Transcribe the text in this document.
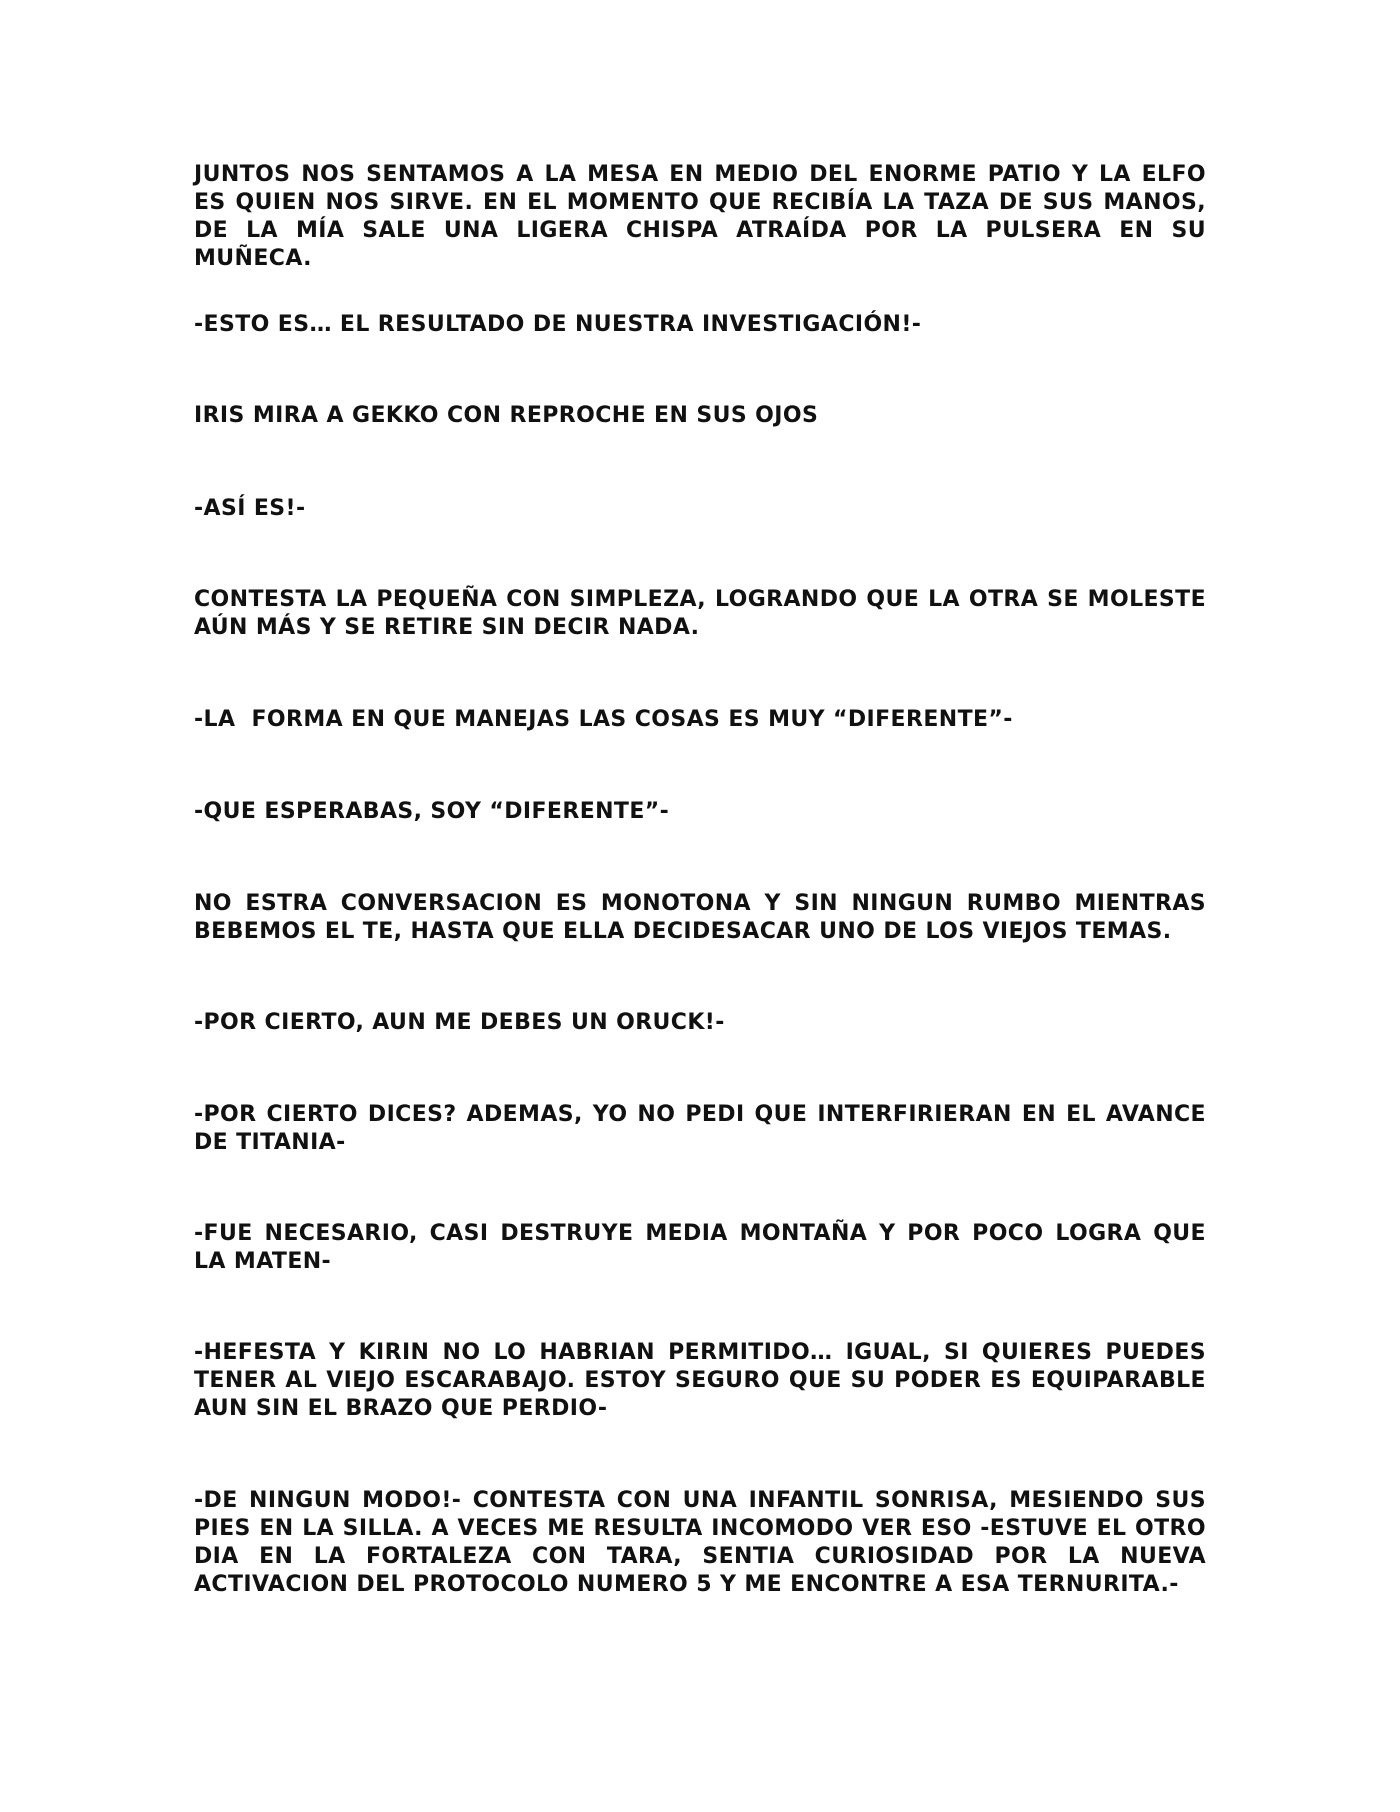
JUNTOS NOS SENTAMOS A LA MESA EN MEDIO DEL ENORME PATIO Y LA ELFO ES QUIEN NOS SIRVE. EN EL MOMENTO QUE RECIBÍA LA TAZA DE SUS MANOS, DE LA MÍA SALE UNA LIGERA CHISPA ATRAÍDA POR LA PULSERA EN SU MUÑECA.

-ESTO ES… EL RESULTADO DE NUESTRA INVESTIGACIÓN!-

IRIS MIRA A GEKKO CON REPROCHE EN SUS OJOS

-ASÍ ES!-

CONTESTA LA PEQUEÑA CON SIMPLEZA, LOGRANDO QUE LA OTRA SE MOLESTE AÚN MÁS Y SE RETIRE SIN DECIR NADA.

-LA  FORMA EN QUE MANEJAS LAS COSAS ES MUY “DIFERENTE”-

-QUE ESPERABAS, SOY “DIFERENTE”-

NO ESTRA CONVERSACION ES MONOTONA Y SIN NINGUN RUMBO MIENTRAS BEBEMOS EL TE, HASTA QUE ELLA DECIDESACAR UNO DE LOS VIEJOS TEMAS.

-POR CIERTO, AUN ME DEBES UN ORUCK!-

-POR CIERTO DICES? ADEMAS, YO NO PEDI QUE INTERFIRIERAN EN EL AVANCE DE TITANIA-

-FUE NECESARIO, CASI DESTRUYE MEDIA MONTAÑA Y POR POCO LOGRA QUE LA MATEN-

-HEFESTA Y KIRIN NO LO HABRIAN PERMITIDO… IGUAL, SI QUIERES PUEDES TENER AL VIEJO ESCARABAJO. ESTOY SEGURO QUE SU PODER ES EQUIPARABLE AUN SIN EL BRAZO QUE PERDIO-

-DE NINGUN MODO!- CONTESTA CON UNA INFANTIL SONRISA, MESIENDO SUS PIES EN LA SILLA. A VECES ME RESULTA INCOMODO VER ESO -ESTUVE EL OTRO DIA EN LA FORTALEZA CON TARA, SENTIA CURIOSIDAD POR LA NUEVA ACTIVACION DEL PROTOCOLO NUMERO 5 Y ME ENCONTRE A ESA TERNURITA.-
